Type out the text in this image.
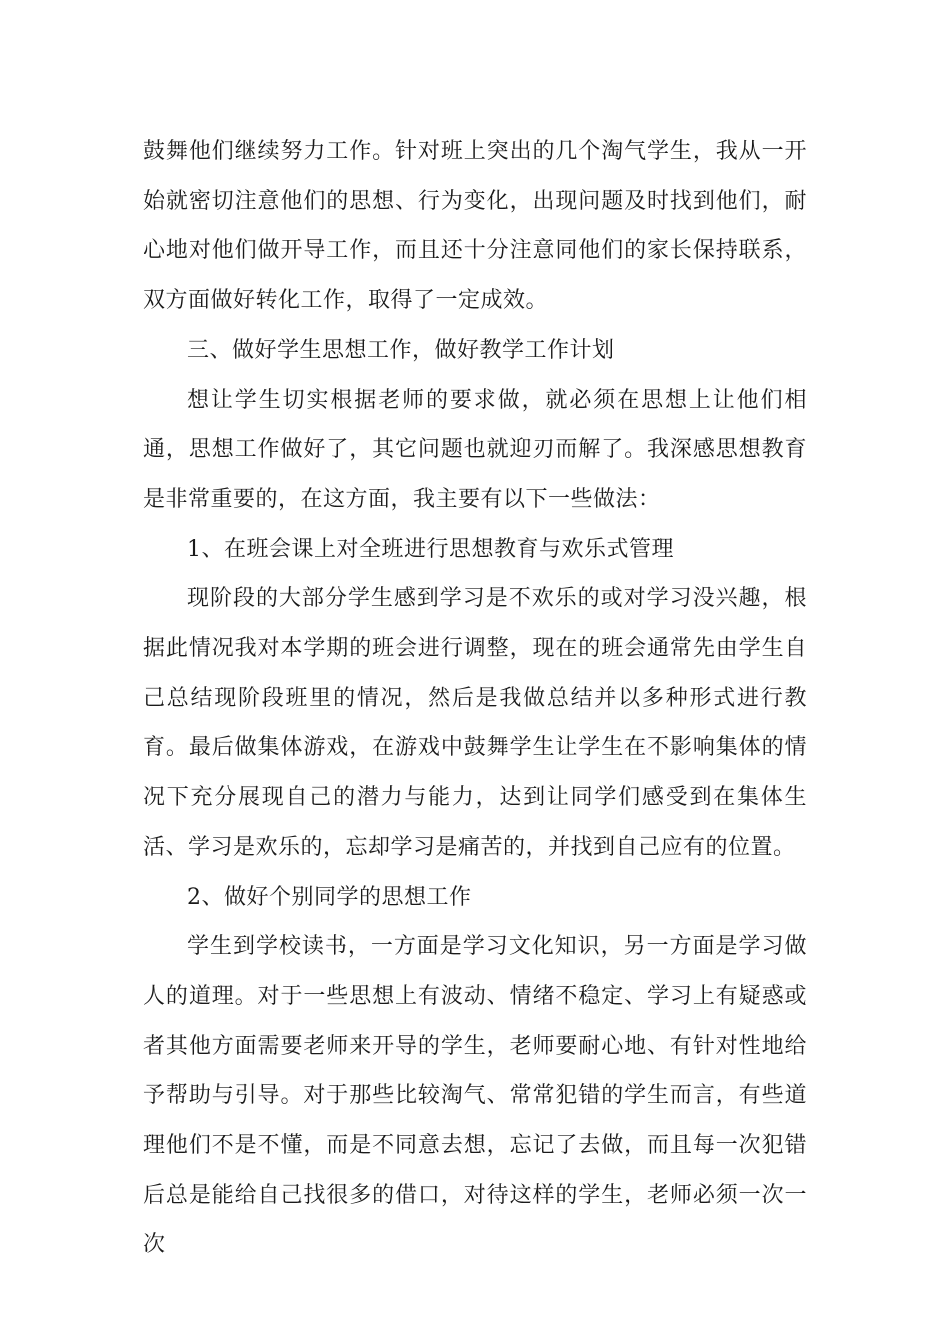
鼓舞他们继续努力工作。针对班上突出的几个淘气学生，我从一开始就密切注意他们的思想、行为变化，出现问题及时找到他们，耐心地对他们做开导工作，而且还十分注意同他们的家长保持联系，双方面做好转化工作，取得了一定成效。

三、做好学生思想工作，做好教学工作计划

想让学生切实根据老师的要求做，就必须在思想上让他们相通，思想工作做好了，其它问题也就迎刃而解了。我深感思想教育是非常重要的，在这方面，我主要有以下一些做法：

1、在班会课上对全班进行思想教育与欢乐式管理

现阶段的大部分学生感到学习是不欢乐的或对学习没兴趣，根据此情况我对本学期的班会进行调整，现在的班会通常先由学生自己总结现阶段班里的情况，然后是我做总结并以多种形式进行教育。最后做集体游戏，在游戏中鼓舞学生让学生在不影响集体的情况下充分展现自己的潜力与能力，达到让同学们感受到在集体生活、学习是欢乐的，忘却学习是痛苦的，并找到自己应有的位置。

2、做好个别同学的思想工作

学生到学校读书，一方面是学习文化知识，另一方面是学习做人的道理。对于一些思想上有波动、情绪不稳定、学习上有疑惑或者其他方面需要老师来开导的学生，老师要耐心地、有针对性地给予帮助与引导。对于那些比较淘气、常常犯错的学生而言，有些道理他们不是不懂，而是不同意去想，忘记了去做，而且每一次犯错后总是能给自己找很多的借口，对待这样的学生，老师必须一次一次
